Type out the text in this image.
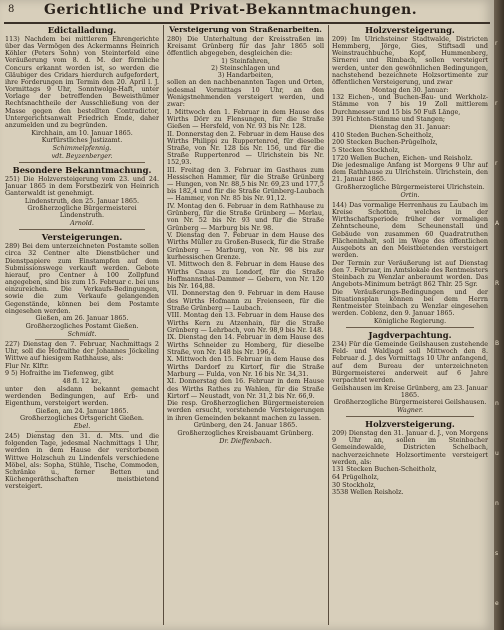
8 Gerichtliche und Privat-Bekanntmachungen.
Edictalladung.

113) Nachdem bei mittlerem Ehrengerichte über das Vermögen des Ackermanns Heinrich Köhler (Peters Sohn) von Steinterfeld eine Veräußerung vom 8. d. M. der förmliche Concurs erkannt worden ist, so werden die Gläubiger des Cridars hierdurch aufgefordert, ihre Forderungen im Termin den 20. April l. J. Vormittags 9 Uhr, Sonntwolge-Haft, unter Vorlage der betreffenden Beweisthümer Rechtsnachtheile der Ausschließung von der Masse gegen den bestellten Contradictor, Untergerichtsanwalt Friedrich Emde, daher anzumelden und zu begründen.

Kirchhain, am 10. Januar 1865.

Kurfürstliches Justizamt.

Schimmelpfennig.

vdt. Beyzenberger.

Besondere Bekanntmachung.

251) Die Holzversteigerung vom 23. und 24. Januar 1865 in dem Forstbezirk von Heinrich Ganterwaldt ist genehmigt.

Lindenstruth, den 25. Januar 1865.

Großherzogliche Bürgermeisterei Lindenstruth.

Arnold.

Versteigerungen.

289) Bei dem unterzeichneten Postamte sollen circa 32 Centner alte Dienstbücher und Dienstpapiere zum Einstampfen auf dem Submissionswege verkauft werden. Gebote hierauf, pro Centner à 100 Zollpfund angegeben, sind bis zum 15. Februar c. bei uns einzureichen. Die Verkaufs-Bedingungen, sowie die zum Verkaufe gelangenden Gegenstände, können bei dem Postamte eingesehen werden.

Gießen, am 26. Januar 1865.

Großherzogliches Postamt Gießen.

Schmidt.

227) Dienstag den 7. Februar, Nachmittags 2 Uhr, soll die Hofraithe der Johannes Jöckeling Wittwe auf hiesigem Rathhause, als:

Flur Nr. Klftr.

9 5) Hofraithe im Tiefenweg, gibt

48 fl. 12 kr.,

unter den alsdann bekannt gemacht werdenden Bedingungen, auf Erb- und Eigenthum, versteigert werden.

Gießen, am 24. Januar 1865.

Großherzogliches Ortsgericht Gießen.

Ebel.

245) Dienstag den 31. d. Mts. und die folgenden Tage, jedesmal Nachmittags 1 Uhr, werden in dem Hause der verstorbenen Wittwe Holzschuh zu Lindenfels verschiedene Möbel, als: Sopha, Stühle, Tische, Commoden, Schränke u., ferner Betten und Küchengeräthschaften meistbietend versteigert.

Versteigerung von Straßenarbeiten.

280) Die Unterhaltung der Kreisstraßen im Kreisamt Grünberg für das Jahr 1865 soll öffentlich abgegeben, desgleichen die:

1) Steinfahren,
2) Steinschlagen und
3) Handarbeiten,

sollen an den nachbenannten Tagen und Orten, jedesmal Vormittags 10 Uhr, an den Wenigstnehmenden versteigert werden, und zwar:

I. Mittwoch den 1. Februar in dem Hause des Wirths Dörr zu Flensungen, für die Straße Gießen — Hersfeld, von Nr. 93 bis Nr. 128.

II. Donnerstag den 2. Februar in dem Hause des Wirths Philippi zu Ruppertenrod, für dieselbe Straße, von Nr. 128 bis Nr. 156, und für die Straße Ruppertenrod — Ulrichstein bis Nr. 152,93.

III. Freitag den 3. Februar im Gasthaus zum Hessischen Hammer, für die Straße Grünberg — Hungen, von Nr. 88,5 bis Nr. 69,23 und 177,5 bis 182,4 und für die Straße Grünberg-Laubach — Hammer, von Nr. 85 bis Nr. 91,12.

IV. Montag den 6. Februar in dem Rathhause zu Grünberg, für die Straße Grünberg — Merlau, von Nr. 52 bis Nr. 93 und für die Straße Grünberg — Marburg bis Nr. 98.

V. Dienstag den 7. Februar in dem Hause des Wirths Müller zu Großen-Buseck, für die Straße Grünberg — Marburg, von Nr. 98 bis zur kurhessischen Grenze.

VI. Mittwoch den 8. Februar in dem Hause des Wirths Cnaus zu Londorf, für die Straße Hoffmannsthal-Dammer — Gebern, von Nr. 120 bis Nr. 164,88.

VII. Donnerstag den 9. Februar in dem Hause des Wirths Hofmann zu Freienseen, für die Straße Grünberg — Laubach.

VIII. Montag den 13. Februar in dem Hause des Wirths Kern zu Atzenhain, für die Straße Grünberg — Lehrbach, von Nr. 98,9 bis Nr. 148.

IX. Dienstag den 14. Februar in dem Hause des Wirths Schneider zu Homberg, für dieselbe Straße, von Nr. 148 bis Nr. 196,4.

X. Mittwoch den 15. Februar in dem Hause des Wirths Dardorf zu Kirtorf, für die Straße Marburg — Fulda, von Nr. 16 bis Nr. 34,31.

XI. Donnerstag den 16. Februar in dem Hause des Wirths Rathes zu Wahlen, für die Straße Kirtorf — Neustadt, von Nr. 31,2 bis Nr. 66,9.

Die resp. Großherzoglichen Bürgermeistereien werden ersucht, vorstehende Versteigerungen in ihren Gemeinden bekannt machen zu lassen.

Grünberg, den 24. Januar 1865.

Großherzogliches Kreisbauamt Grünberg.

Dr. Dieffenbach.

Holzversteigerung.

209) Im Ulrichsteiner Stadtwalde, Districten Hemmberg, Jörge, Gies, Stiftsadl und Weinstrauchbuche, Kopf, Hummenberg, Sirnerei und Rimbach, sollen versteigert werden, unter den gewöhnlichen Bedingungen, nachstehend bezeichnete Holzsortimente zur öffentlichen Versteigerung, und zwar

Montag den 30. Januar:

132 Eichen-, und Buchen-Bau- und Werkholz-Stämme von 7 bis 19 Zoll mittlerem Durchmesser und 15 bis 50 Fuß Länge,

391 Fichten-Stämme und Stangen;

Dienstag den 31. Januar:

410 Steden Buchen-Scheitholz,

200 Stecken Buchen-Prügelholz,

5 Stecken Stockholz,

1720 Wellen Buchen, Eichen- und Reisholz.

Die jedesmalige Anfang ist Morgens 9 Uhr auf dem Rathhause zu Ulrichstein. Ulrichstein, den 21. Januar 1865.

Großherzogliche Bürgermeisterei Ulrichstein.

Ortin.

144) Das vormalige Herrenhaus zu Laubach im Kreise Schotten, welches in der Wirthschaftsperiode früher der vormaligen Zehntscheune, dem Scheunenstall und Gebäude von zusammen 60 Quadratruthen Flächeninhalt, soll im Wege des öffentlichen Ausgebots an den Meistbietenden versteigert werden.

Der Termin zur Veräußerung ist auf Dienstag den 7. Februar, im Amtslokale des Rentmeisters Steinbach zu Wenzlar anberaumt worden. Das Angebots-Minimum beträgt 862 Thlr. 25 Sgr.

Die Veräußerungs-Bedingungen und der Situationsplan können bei dem Herrn Rentmeister Steinbach zu Wenzlar eingesehen werden. Coblenz, den 9. Januar 1865.

Königliche Regierung.

Jagdverpachtung.

234) Für die Gemeinde Geilshausen zustehende Feld- und Waldjagd soll Mittwoch den 8. Februar d. J. des Vormittags 10 Uhr anfangend, auf dem Bureau der unterzeichneten Bürgermeisterei anderweit auf 6 Jahre verpachtet werden.

Geilshausen im Kreise Grünberg, am 23. Januar 1865.

Großherzogliche Bürgermeisterei Geilshausen.

Wagner.

Holzversteigerung.

209) Dienstag den 31. Januar d. J., von Morgens 9 Uhr an, sollen im Steinbacher Gemeindewalde, Districten Schelbach, nachverzeichnete Holzsortimente versteigert werden, als:

131 Stecken Buchen-Scheitholz,

64 Prügelholz,

30 Stockholz,

3538 Wellen Reisholz.

r
r
r
A
R
B
n
u
n
s
e
